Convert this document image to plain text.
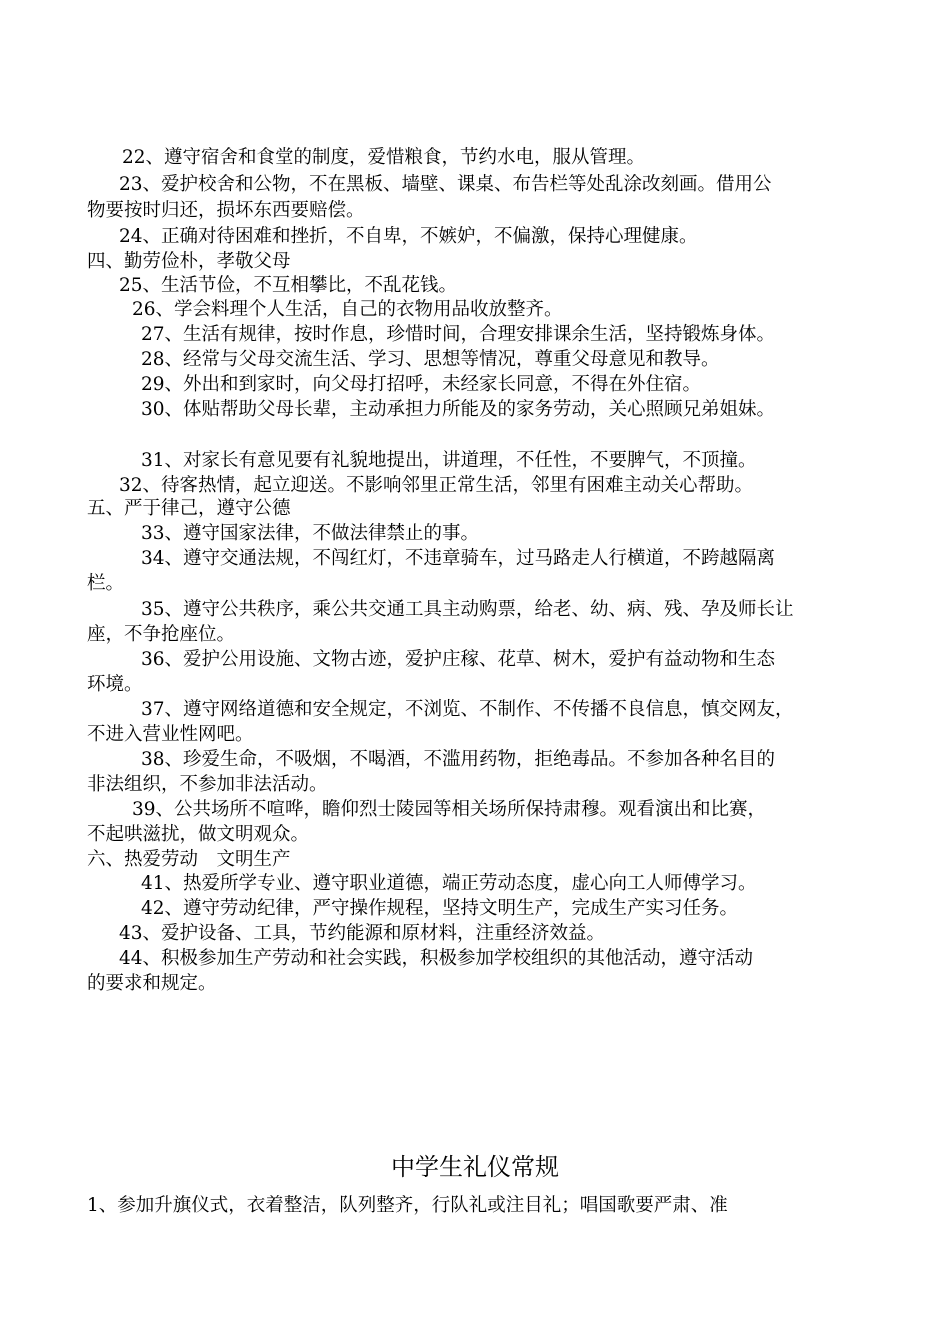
22、遵守宿舍和食堂的制度，爱惜粮食，节约水电，服从管理。
23、爱护校舍和公物，不在黑板、墙壁、课桌、布告栏等处乱涂改刻画。借用公
物要按时归还，损坏东西要赔偿。
24、正确对待困难和挫折，不自卑，不嫉妒，不偏激，保持心理健康。
四、勤劳俭朴，孝敬父母
25、生活节俭，不互相攀比，不乱花钱。
26、学会料理个人生活，自己的衣物用品收放整齐。
27、生活有规律，按时作息，珍惜时间，合理安排课余生活，坚持锻炼身体。
28、经常与父母交流生活、学习、思想等情况，尊重父母意见和教导。
29、外出和到家时，向父母打招呼，未经家长同意，不得在外住宿。
30、体贴帮助父母长辈，主动承担力所能及的家务劳动，关心照顾兄弟姐妹。
31、对家长有意见要有礼貌地提出，讲道理，不任性，不要脾气，不顶撞。
32、待客热情，起立迎送。不影响邻里正常生活，邻里有困难主动关心帮助。
五、严于律己，遵守公德
33、遵守国家法律，不做法律禁止的事。
34、遵守交通法规，不闯红灯，不违章骑车，过马路走人行横道，不跨越隔离
栏。
35、遵守公共秩序，乘公共交通工具主动购票，给老、幼、病、残、孕及师长让
座，不争抢座位。
36、爱护公用设施、文物古迹，爱护庄稼、花草、树木，爱护有益动物和生态
环境。
37、遵守网络道德和安全规定，不浏览、不制作、不传播不良信息，慎交网友，
不进入营业性网吧。
38、珍爱生命，不吸烟，不喝酒，不滥用药物，拒绝毒品。不参加各种名目的
非法组织，不参加非法活动。
39、公共场所不喧哗，瞻仰烈士陵园等相关场所保持肃穆。观看演出和比赛，
不起哄滋扰，做文明观众。
六、热爱劳动　文明生产
41、热爱所学专业、遵守职业道德，端正劳动态度，虚心向工人师傅学习。
42、遵守劳动纪律，严守操作规程，坚持文明生产，完成生产实习任务。
43、爱护设备、工具，节约能源和原材料，注重经济效益。
44、积极参加生产劳动和社会实践，积极参加学校组织的其他活动，遵守活动
的要求和规定。
中学生礼仪常规
1、参加升旗仪式，衣着整洁，队列整齐，行队礼或注目礼；唱国歌要严肃、准
